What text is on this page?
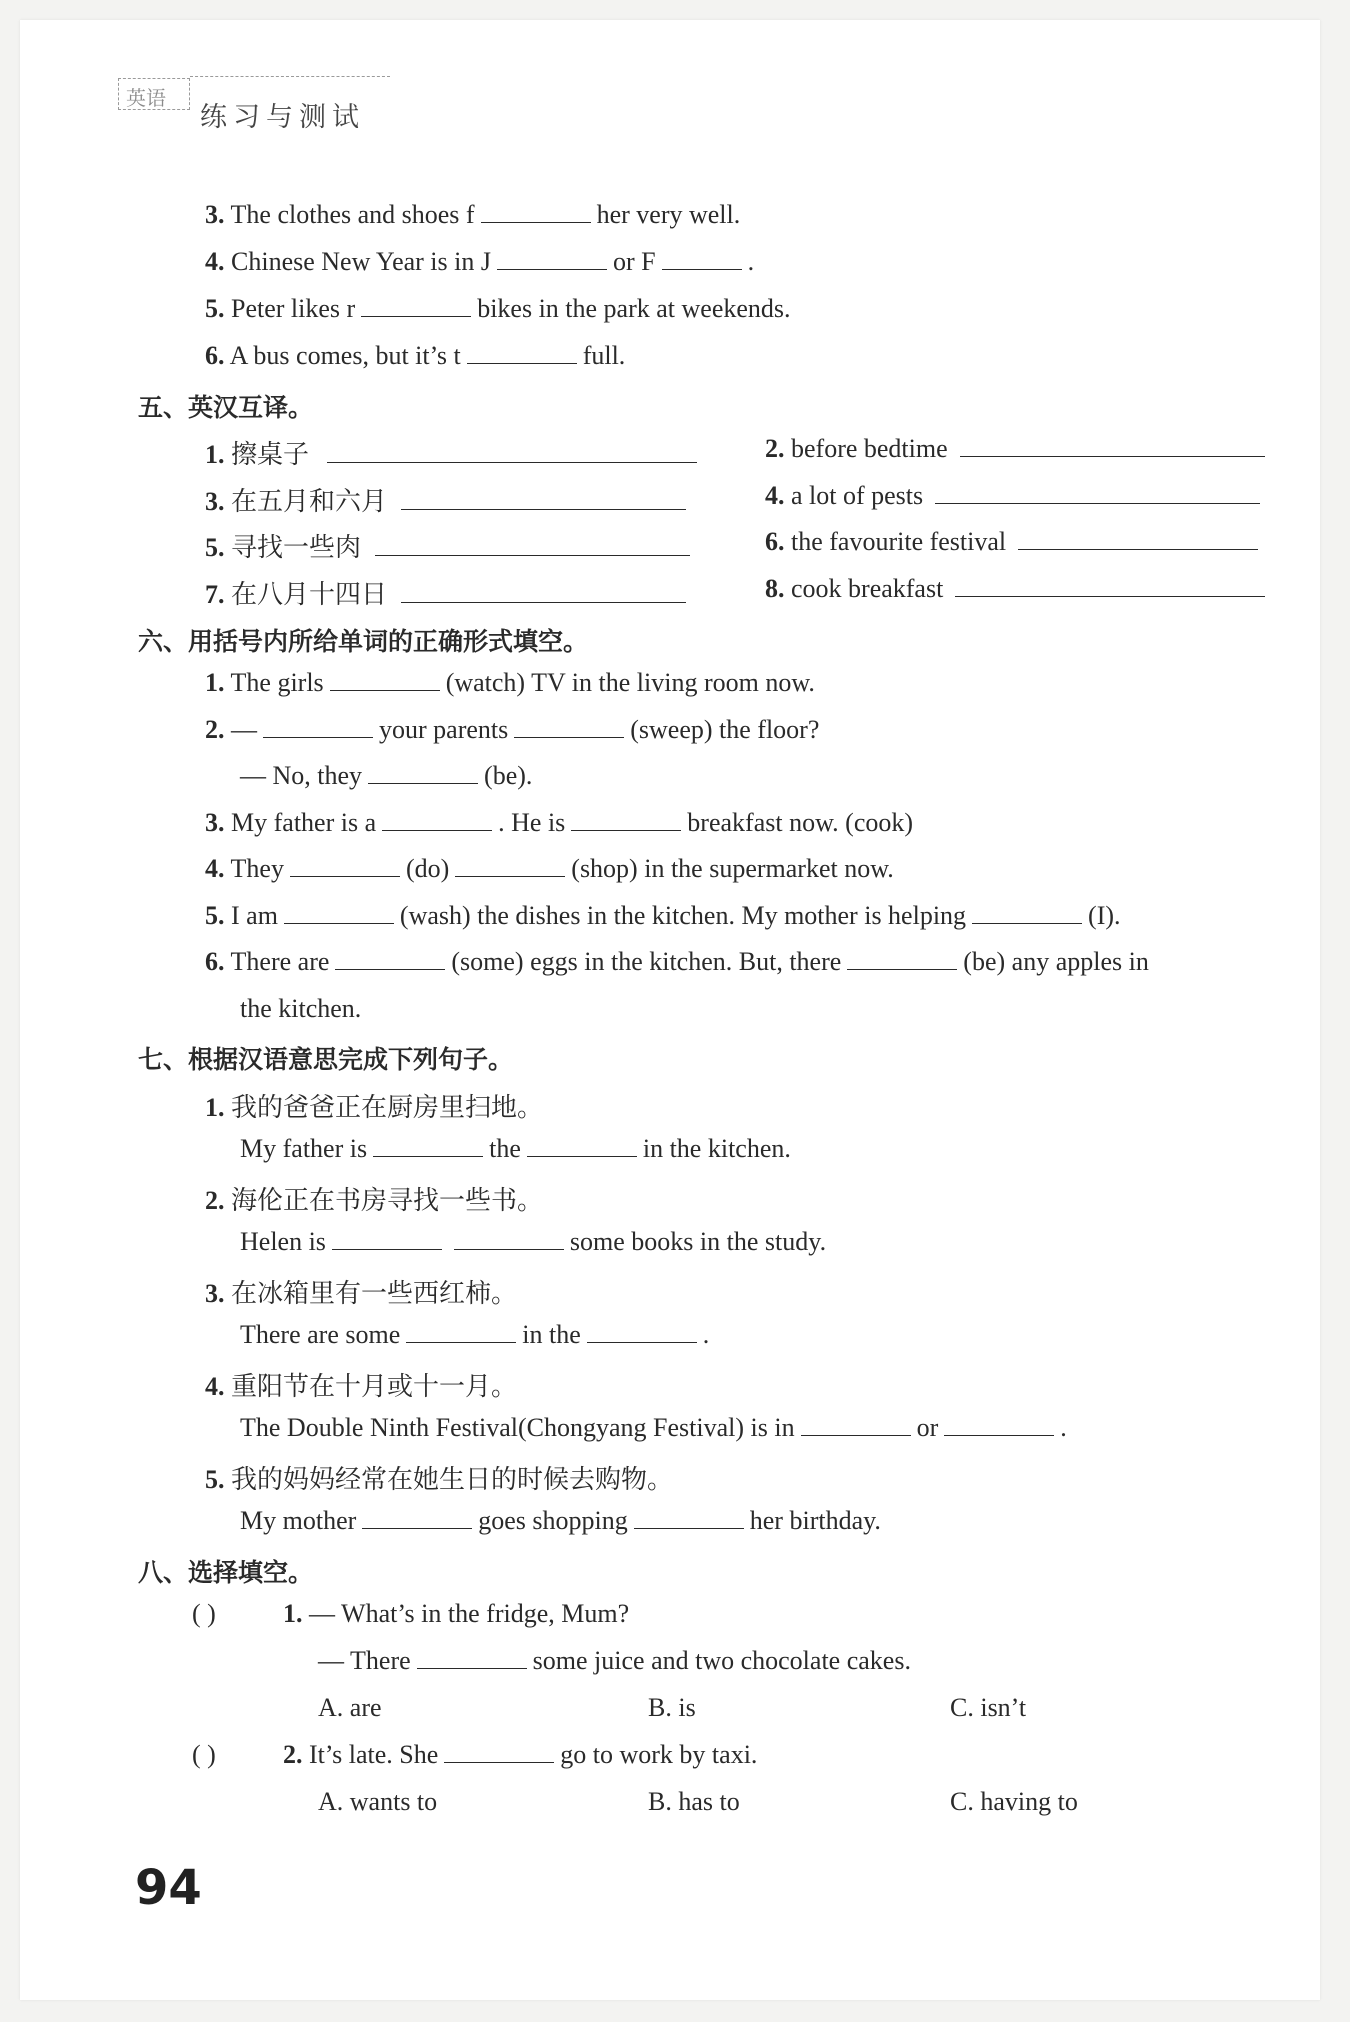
英语
练习与测试
3. The clothes and shoes f	her very well.
4. Chinese New Year is in J	or F	.
5. Peter likes r	bikes in the park at weekends.
6. A bus comes, but it’s t	full.
五、英汉互译。
1. 擦桌子	2. before bedtime
3. 在五月和六月	4. a lot of pests
5. 寻找一些肉	6. the favourite festival
7. 在八月十四日	8. cook breakfast
六、用括号内所给单词的正确形式填空。
1. The girls	(watch) TV in the living room now.
2. —	your parents	(sweep) the floor?
— No, they	(be).
3. My father is a	. He is	breakfast now. (cook)
4. They	(do)	(shop) in the supermarket now.
5. I am	(wash) the dishes in the kitchen. My mother is helping	(I).
6. There are	(some) eggs in the kitchen. But, there	(be) any apples in
the kitchen.
七、根据汉语意思完成下列句子。
1. 我的爸爸正在厨房里扫地。
My father is	the	in the kitchen.
2. 海伦正在书房寻找一些书。
Helen is	some books in the study.
3. 在冰箱里有一些西红柿。
There are some	in the	.
4. 重阳节在十月或十一月。
The Double Ninth Festival(Chongyang Festival) is in	or	.
5. 我的妈妈经常在她生日的时候去购物。
My mother	goes shopping	her birthday.
八、选择填空。
( )	1. — What’s in the fridge, Mum?
— There	some juice and two chocolate cakes.
A. are	B. is	C. isn’t
( )	2. It’s late. She	go to work by taxi.
A. wants to	B. has to	C. having to
94
